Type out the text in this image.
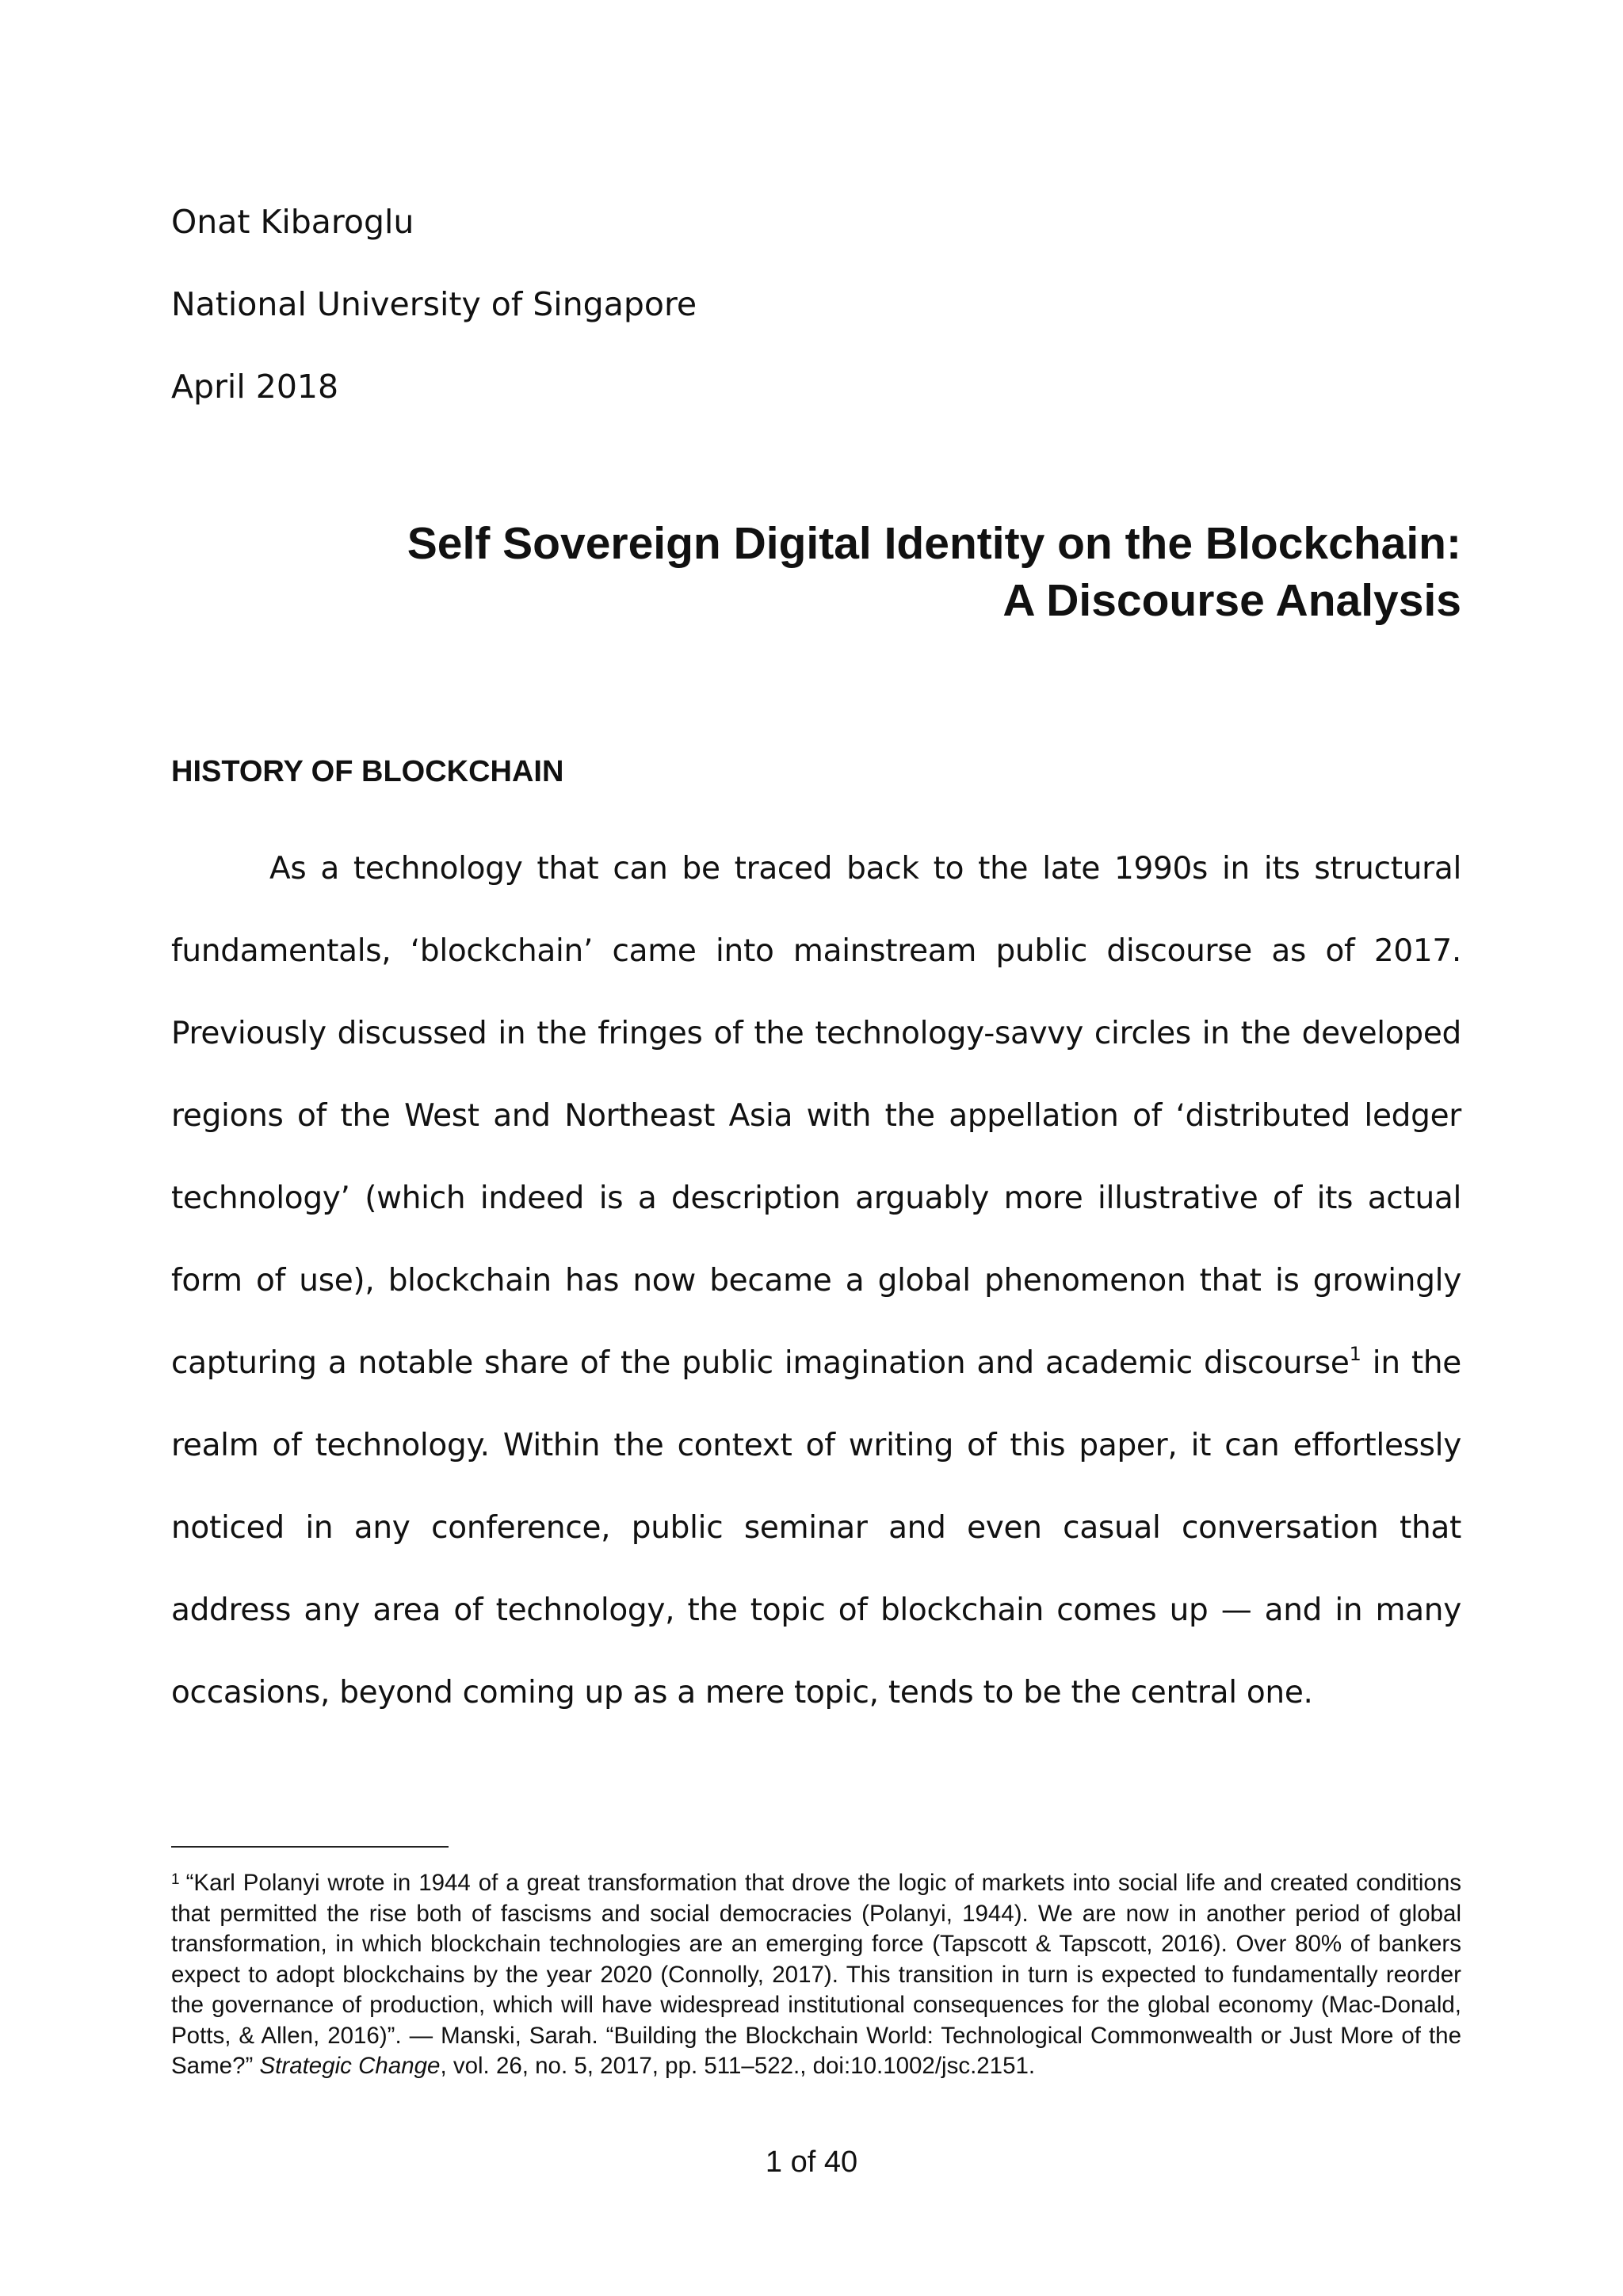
Onat Kibaroglu

National University of Singapore

April 2018

Self Sovereign Digital Identity on the Blockchain:
A Discourse Analysis
HISTORY OF BLOCKCHAIN

As a technology that can be traced back to the late 1990s in its structural fundamentals, ‘blockchain’ came into mainstream public discourse as of 2017. Previously discussed in the fringes of the technology-savvy circles in the developed regions of the West and Northeast Asia with the appellation of ‘distributed ledger technology’ (which indeed is a description arguably more illustrative of its actual form of use), blockchain has now became a global phenomenon that is growingly capturing a notable share of the public imagination and academic discourse$^1$ in the realm of technology. Within the context of writing of this paper, it can effortlessly noticed in any conference, public seminar and even casual conversation that address any area of technology, the topic of blockchain comes up — and in many occasions, beyond coming up as a mere topic, tends to be the central one.

$^1$ “Karl Polanyi wrote in 1944 of a great transformation that drove the logic of markets into social life and created conditions that permitted the rise both of fascisms and social democracies (Polanyi, 1944). We are now in another period of global transformation, in which blockchain technologies are an emerging force (Tapscott & Tapscott, 2016). Over 80% of bankers expect to adopt blockchains by the year 2020 (Connolly, 2017). This transition in turn is expected to fundamentally reorder the governance of production, which will have widespread institutional consequences for the global economy (Mac-Donald, Potts, & Allen, 2016)”. — Manski, Sarah. “Building the Blockchain World: Technological Commonwealth or Just More of the Same?” Strategic Change, vol. 26, no. 5, 2017, pp. 511–522., doi:10.1002/jsc.2151.

1 of 40
